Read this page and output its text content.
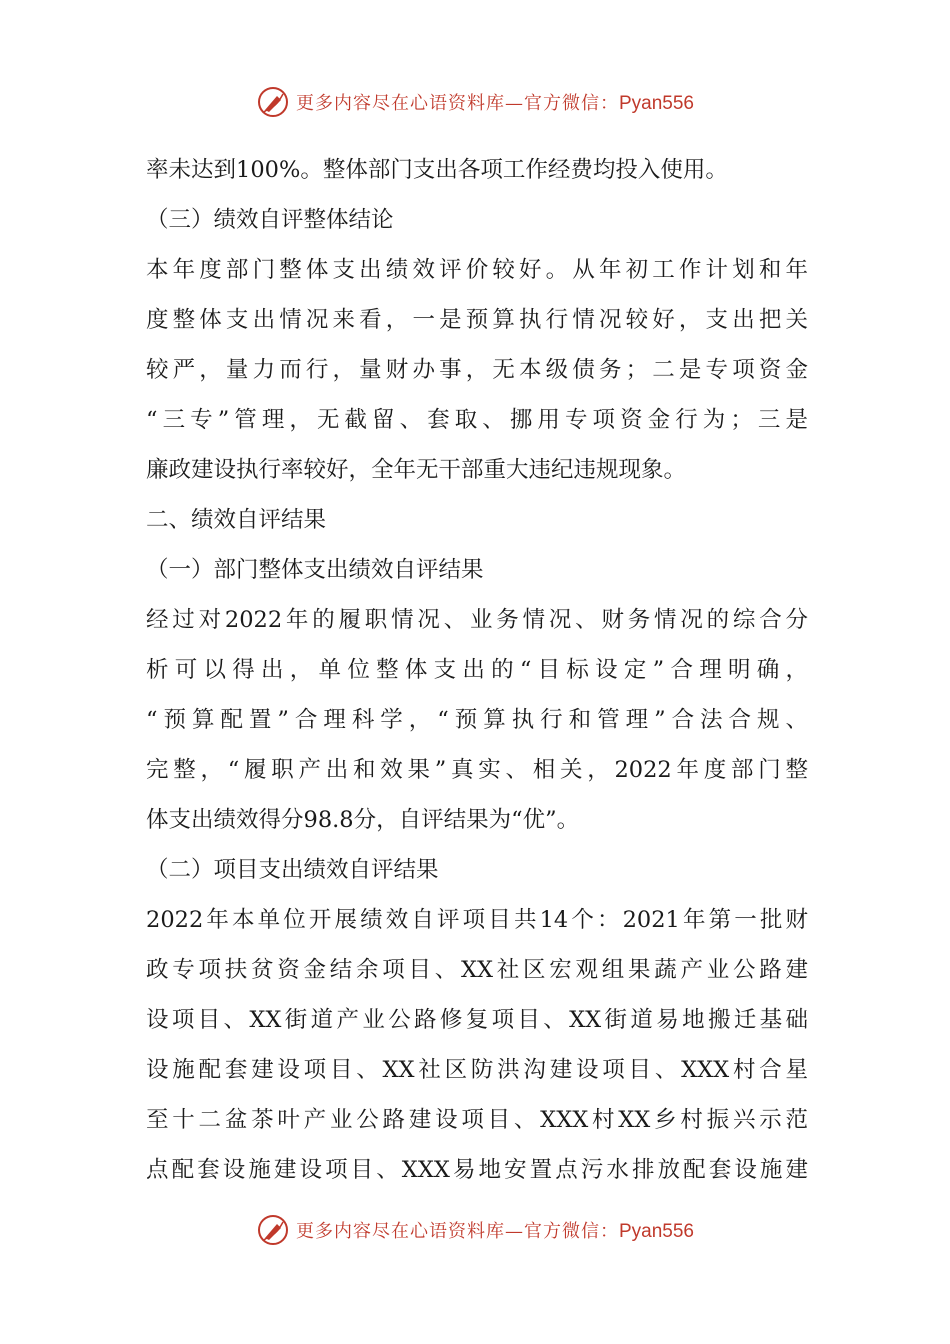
更多内容尽在心语资料库—官方微信：Pyan556
率未达到100%。整体部门支出各项工作经费均投入使用。
（三）绩效自评整体结论
本年度部门整体支出绩效评价较好。从年初工作计划和年
度整体支出情况来看，一是预算执行情况较好，支出把关
较严，量力而行，量财办事，无本级债务；二是专项资金
“三专”管理，无截留、套取、挪用专项资金行为；三是
廉政建设执行率较好，全年无干部重大违纪违规现象。
二、绩效自评结果
（一）部门整体支出绩效自评结果
经过对2022年的履职情况、业务情况、财务情况的综合分
析可以得出，单位整体支出的“目标设定”合理明确，
“预算配置”合理科学，“预算执行和管理”合法合规、
完整，“履职产出和效果”真实、相关，2022年度部门整
体支出绩效得分98.8分，自评结果为“优”。
（二）项目支出绩效自评结果
2022年本单位开展绩效自评项目共14个：2021年第一批财
政专项扶贫资金结余项目、XX社区宏观组果蔬产业公路建
设项目、XX街道产业公路修复项目、XX街道易地搬迁基础
设施配套建设项目、XX社区防洪沟建设项目、XXX村合星
至十二盆茶叶产业公路建设项目、XXX村XX乡村振兴示范
点配套设施建设项目、XXX易地安置点污水排放配套设施建
更多内容尽在心语资料库—官方微信：Pyan556
